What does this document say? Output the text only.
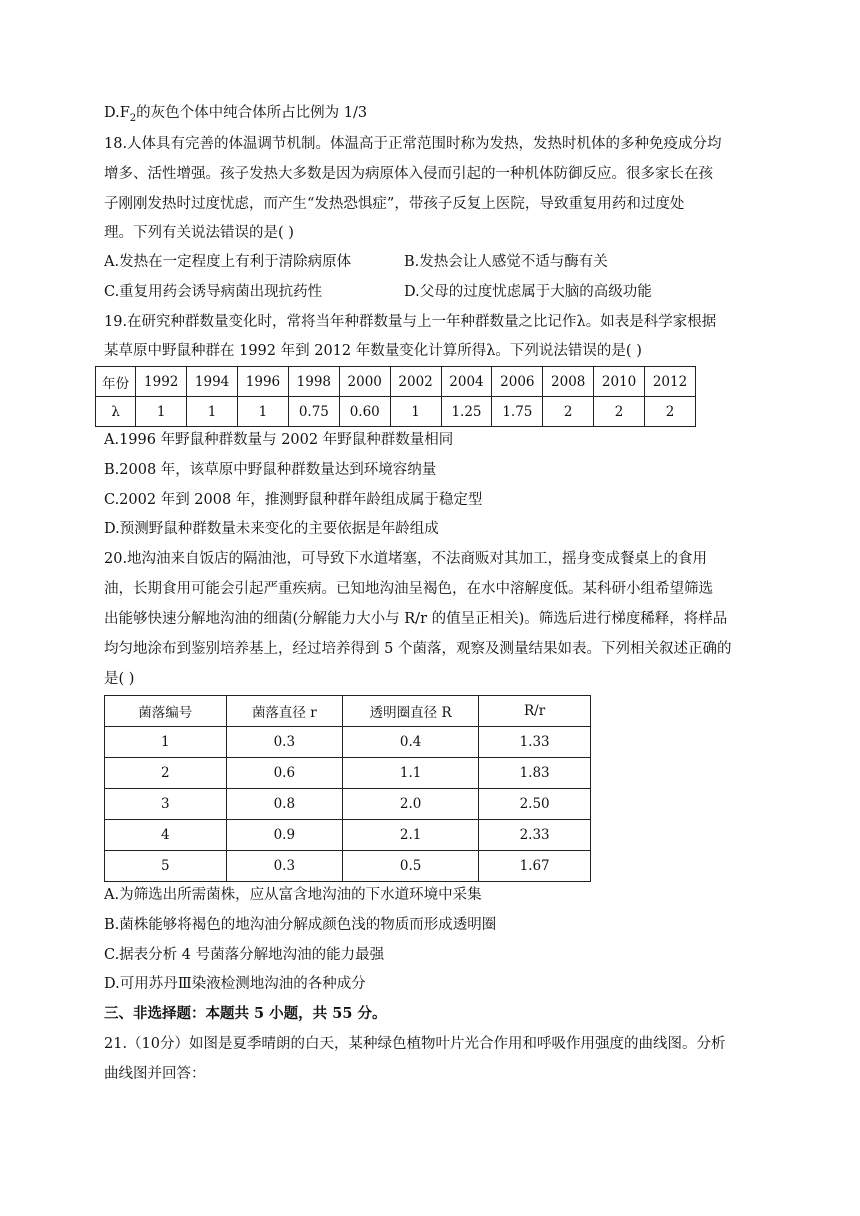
$D.F_2$的灰色个体中纯合体所占比例为 1/3
18.人体具有完善的体温调节机制。体温高于正常范围时称为发热，发热时机体的多种免疫成分均
增多、活性增强。孩子发热大多数是因为病原体入侵而引起的一种机体防御反应。很多家长在孩
子刚刚发热时过度忧虑，而产生“发热恐惧症”，带孩子反复上医院，导致重复用药和过度处
理。下列有关说法错误的是( )
A.发热在一定程度上有利于清除病原体	B.发热会让人感觉不适与酶有关
C.重复用药会诱导病菌出现抗药性	D.父母的过度忧虑属于大脑的高级功能
19.在研究种群数量变化时，常将当年种群数量与上一年种群数量之比记作λ。如表是科学家根据
某草原中野鼠种群在 1992 年到 2012 年数量变化计算所得λ。下列说法错误的是( )
年份	1992	1994	1996	1998	2000	2002	2004	2006	2008	2010	2012
λ	1	1	1	0.75	0.60	1	1.25	1.75	2	2	2
A.1996 年野鼠种群数量与 2002 年野鼠种群数量相同
B.2008 年，该草原中野鼠种群数量达到环境容纳量
C.2002 年到 2008 年，推测野鼠种群年龄组成属于稳定型
D.预测野鼠种群数量未来变化的主要依据是年龄组成
20.地沟油来自饭店的隔油池，可导致下水道堵塞，不法商贩对其加工，摇身变成餐桌上的食用
油，长期食用可能会引起严重疾病。已知地沟油呈褐色，在水中溶解度低。某科研小组希望筛选
出能够快速分解地沟油的细菌(分解能力大小与 R/r 的值呈正相关)。筛选后进行梯度稀释，将样品
均匀地涂布到鉴别培养基上，经过培养得到 5 个菌落，观察及测量结果如表。下列相关叙述正确的
是( )
菌落编号	菌落直径 r	透明圈直径 R	R/r
1	0.3	0.4	1.33
2	0.6	1.1	1.83
3	0.8	2.0	2.50
4	0.9	2.1	2.33
5	0.3	0.5	1.67
A.为筛选出所需菌株，应从富含地沟油的下水道环境中采集
B.菌株能够将褐色的地沟油分解成颜色浅的物质而形成透明圈
C.据表分析 4 号菌落分解地沟油的能力最强
D.可用苏丹Ⅲ染液检测地沟油的各种成分
三、非选择题：本题共 5 小题，共 55 分。
21.（10分）如图是夏季晴朗的白天，某种绿色植物叶片光合作用和呼吸作用强度的曲线图。分析
曲线图并回答：
